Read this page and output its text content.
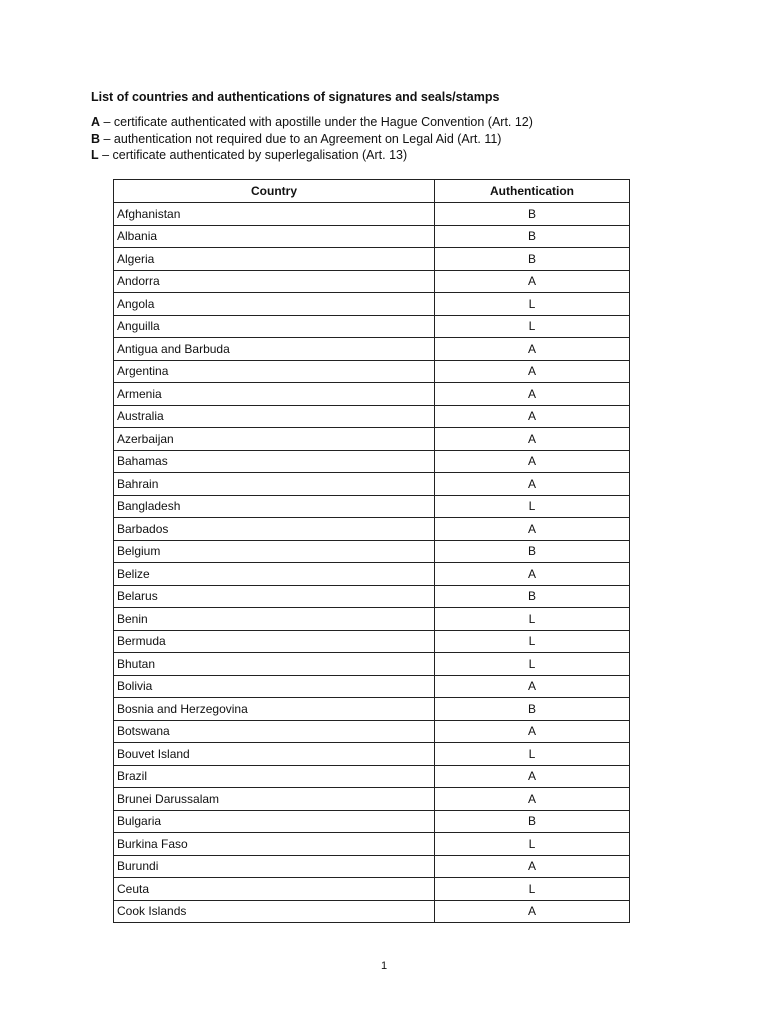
List of countries and authentications of signatures and seals/stamps
A – certificate authenticated with apostille under the Hague Convention (Art. 12)
B – authentication not required due to an Agreement on Legal Aid (Art. 11)
L – certificate authenticated by superlegalisation (Art. 13)
Country	Authentication
Afghanistan	B
Albania	B
Algeria	B
Andorra	A
Angola	L
Anguilla	L
Antigua and Barbuda	A
Argentina	A
Armenia	A
Australia	A
Azerbaijan	A
Bahamas	A
Bahrain	A
Bangladesh	L
Barbados	A
Belgium	B
Belize	A
Belarus	B
Benin	L
Bermuda	L
Bhutan	L
Bolivia	A
Bosnia and Herzegovina	B
Botswana	A
Bouvet Island	L
Brazil	A
Brunei Darussalam	A
Bulgaria	B
Burkina Faso	L
Burundi	A
Ceuta	L
Cook Islands	A
1
